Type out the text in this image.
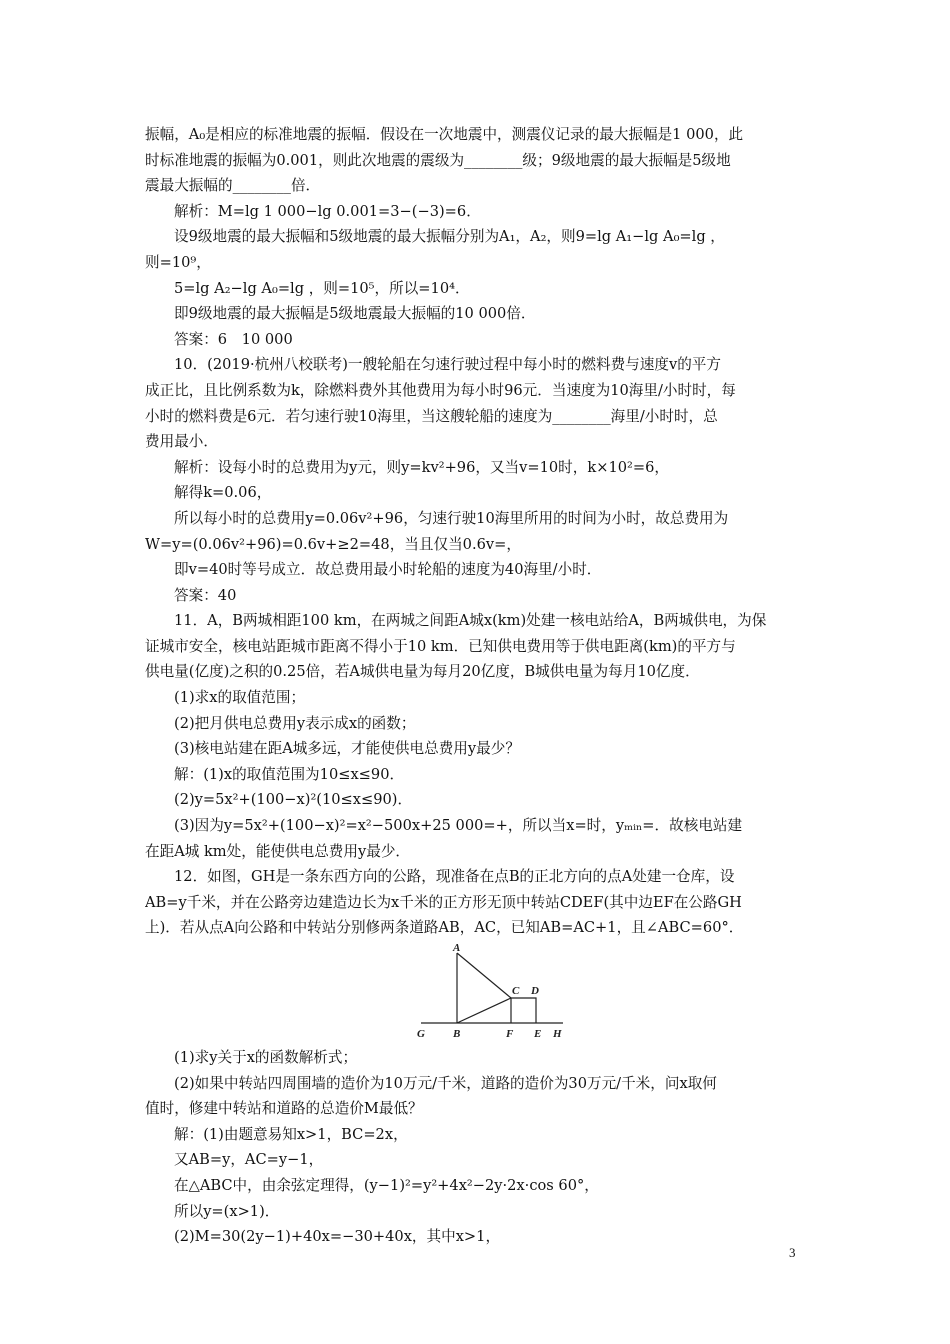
振幅，A₀是相应的标准地震的振幅．假设在一次地震中，测震仪记录的最大振幅是1 000，此
时标准地震的振幅为0.001，则此次地震的震级为________级；9级地震的最大振幅是5级地
震最大振幅的________倍．
解析：M=lg 1 000−lg 0.001=3−(−3)=6．
设9级地震的最大振幅和5级地震的最大振幅分别为A₁，A₂，则9=lg A₁−lg A₀=lg ，
则=10⁹，
5=lg A₂−lg A₀=lg ，则=10⁵，所以=10⁴．
即9级地震的最大振幅是5级地震最大振幅的10 000倍．
答案：6　10 000
10．(2019·杭州八校联考)一艘轮船在匀速行驶过程中每小时的燃料费与速度v的平方
成正比，且比例系数为k，除燃料费外其他费用为每小时96元．当速度为10海里/小时时，每
小时的燃料费是6元．若匀速行驶10海里，当这艘轮船的速度为________海里/小时时，总
费用最小．
解析：设每小时的总费用为y元，则y=kv²+96，又当v=10时，k×10²=6，
解得k=0.06，
所以每小时的总费用y=0.06v²+96，匀速行驶10海里所用的时间为小时，故总费用为
W=y=(0.06v²+96)=0.6v+≥2=48，当且仅当0.6v=，
即v=40时等号成立．故总费用最小时轮船的速度为40海里/小时．
答案：40
11．A，B两城相距100 km，在两城之间距A城x(km)处建一核电站给A，B两城供电，为保
证城市安全，核电站距城市距离不得小于10 km．已知供电费用等于供电距离(km)的平方与
供电量(亿度)之积的0.25倍，若A城供电量为每月20亿度，B城供电量为每月10亿度．
(1)求x的取值范围；
(2)把月供电总费用y表示成x的函数；
(3)核电站建在距A城多远，才能使供电总费用y最少？
解：(1)x的取值范围为10≤x≤90．
(2)y=5x²+(100−x)²(10≤x≤90)．
(3)因为y=5x²+(100−x)²=x²−500x+25 000=+，所以当x=时，yₘᵢₙ=．故核电站建
在距A城 km处，能使供电总费用y最少．
12．如图，GH是一条东西方向的公路，现准备在点B的正北方向的点A处建一仓库，设
AB=y千米，并在公路旁边建造边长为x千米的正方形无顶中转站CDEF(其中边EF在公路GH
上)．若从点A向公路和中转站分别修两条道路AB，AC，已知AB=AC+1，且∠ABC=60°．
A
B
C D
E
F
G	H
(1)求y关于x的函数解析式；
(2)如果中转站四周围墙的造价为10万元/千米，道路的造价为30万元/千米，问x取何
值时，修建中转站和道路的总造价M最低？
解：(1)由题意易知x>1，BC=2x，
又AB=y，AC=y−1，
在△ABC中，由余弦定理得，(y−1)²=y²+4x²−2y·2x·cos 60°，
所以y=(x>1)．
(2)M=30(2y−1)+40x=−30+40x，其中x>1，
3
